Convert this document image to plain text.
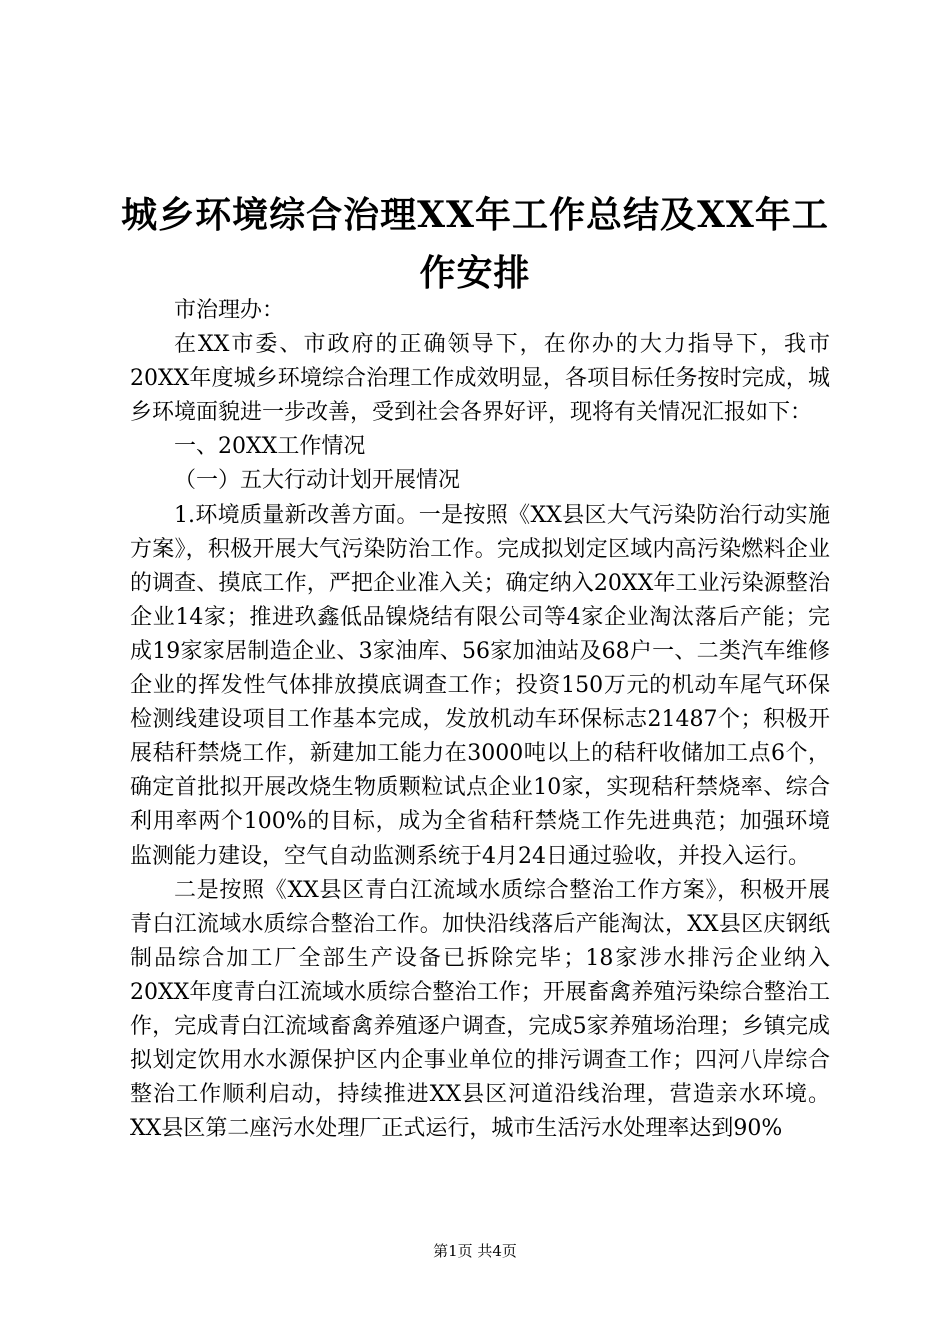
城乡环境综合治理XX年工作总结及XX年工作安排

市治理办：

在XX市委、市政府的正确领导下，在你办的大力指导下，我市20XX年度城乡环境综合治理工作成效明显，各项目标任务按时完成，城乡环境面貌进一步改善，受到社会各界好评，现将有关情况汇报如下：

一、20XX工作情况

（一）五大行动计划开展情况

1.环境质量新改善方面。一是按照《XX县区大气污染防治行动实施方案》，积极开展大气污染防治工作。完成拟划定区域内高污染燃料企业的调查、摸底工作，严把企业准入关；确定纳入20XX年工业污染源整治企业14家；推进玖鑫低品镍烧结有限公司等4家企业淘汰落后产能；完成19家家居制造企业、3家油库、56家加油站及68户一、二类汽车维修企业的挥发性气体排放摸底调查工作；投资150万元的机动车尾气环保检测线建设项目工作基本完成，发放机动车环保标志21487个；积极开展秸秆禁烧工作，新建加工能力在3000吨以上的秸秆收储加工点6个，确定首批拟开展改烧生物质颗粒试点企业10家，实现秸秆禁烧率、综合利用率两个100%的目标，成为全省秸秆禁烧工作先进典范；加强环境监测能力建设，空气自动监测系统于4月24日通过验收，并投入运行。

二是按照《XX县区青白江流域水质综合整治工作方案》，积极开展青白江流域水质综合整治工作。加快沿线落后产能淘汰，XX县区庆钢纸制品综合加工厂全部生产设备已拆除完毕；18家涉水排污企业纳入20XX年度青白江流域水质综合整治工作；开展畜禽养殖污染综合整治工作，完成青白江流域畜禽养殖逐户调查，完成5家养殖场治理；乡镇完成拟划定饮用水水源保护区内企事业单位的排污调查工作；四河八岸综合整治工作顺利启动，持续推进XX县区河道沿线治理，营造亲水环境。XX县区第二座污水处理厂正式运行，城市生活污水处理率达到90%

第1页 共4页
